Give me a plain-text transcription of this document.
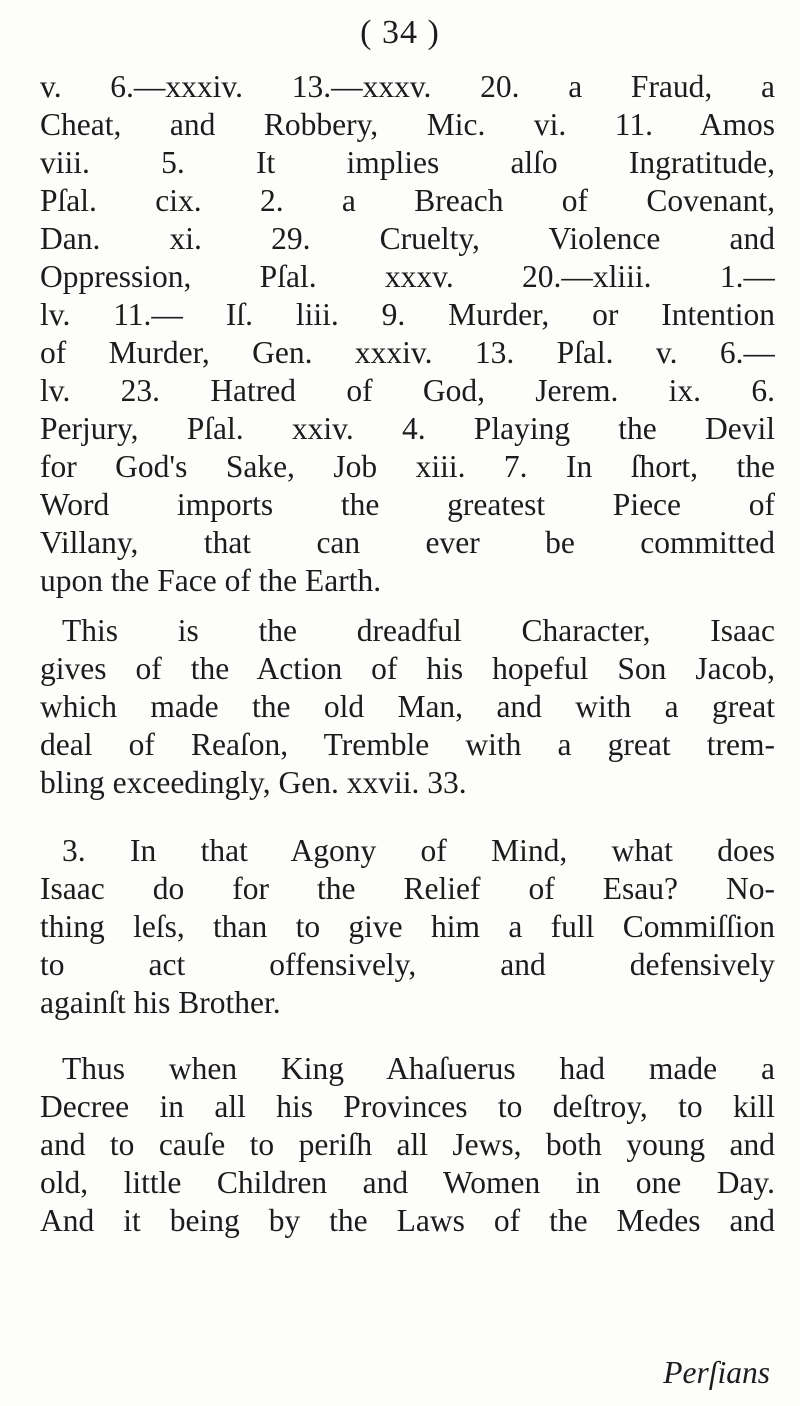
( 34 )
v. 6.—xxxiv. 13.—xxxv. 20. a Fraud, a
Cheat, and Robbery, Mic. vi. 11. Amos
viii. 5. It implies alſo Ingratitude,
Pſal. cix. 2. a Breach of Covenant,
Dan. xi. 29. Cruelty, Violence and
Oppression, Pſal. xxxv. 20.—xliii. 1.—
lv. 11.— Iſ. liii. 9. Murder, or Intention
of Murder, Gen. xxxiv. 13. Pſal. v. 6.—
lv. 23. Hatred of God, Jerem. ix. 6.
Perjury, Pſal. xxiv. 4. Playing the Devil
for God's Sake, Job xiii. 7. In ſhort, the
Word imports the greatest Piece of
Villany, that can ever be committed
upon the Face of the Earth.
This is the dreadful Character, Isaac
gives of the Action of his hopeful Son Jacob,
which made the old Man, and with a great
deal of Reaſon, Tremble with a great trem-
bling exceedingly, Gen. xxvii. 33.
3. In that Agony of Mind, what does
Isaac do for the Relief of Esau? No-
thing leſs, than to give him a full Commiſſion
to act offensively, and defensively
againſt his Brother.
Thus when King Ahaſuerus had made a
Decree in all his Provinces to deſtroy, to kill
and to cauſe to periſh all Jews, both young and
old, little Children and Women in one Day.
And it being by the Laws of the Medes and
Perſians
